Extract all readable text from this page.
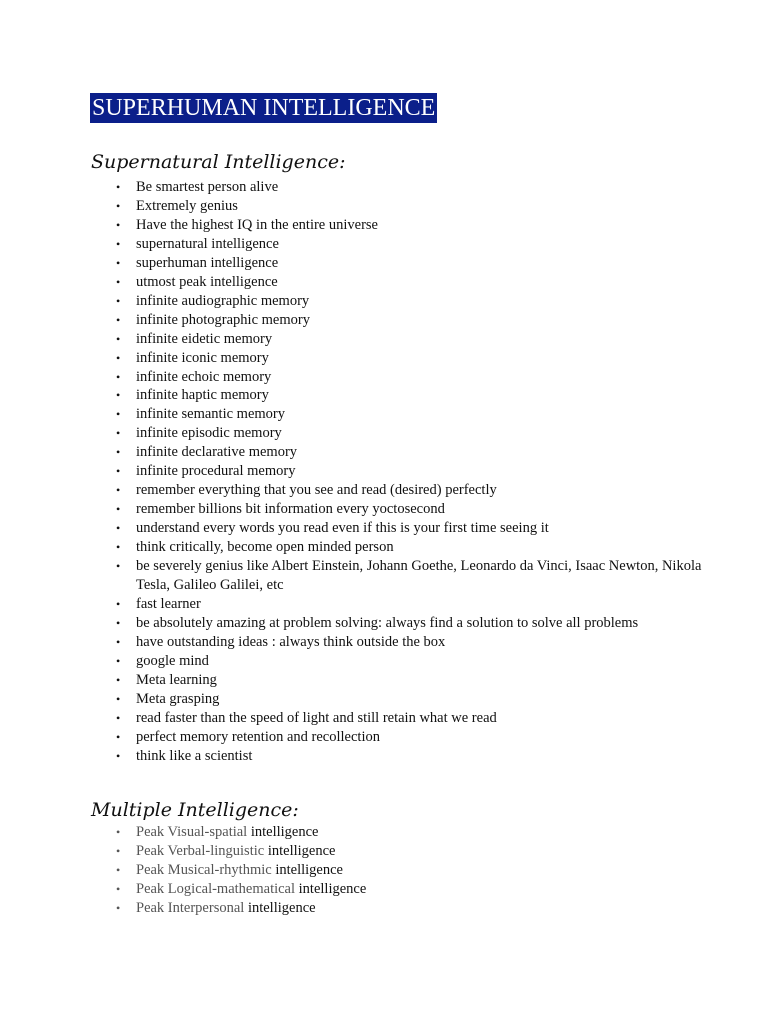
SUPERHUMAN INTELLIGENCE
Supernatural Intelligence:
• Be smartest person alive
• Extremely genius
• Have the highest IQ in the entire universe
• supernatural intelligence
• superhuman intelligence
• utmost peak intelligence
• infinite audiographic memory
• infinite photographic memory
• infinite eidetic memory
• infinite iconic memory
• infinite echoic memory
• infinite haptic memory
• infinite semantic memory
• infinite episodic memory
• infinite declarative memory
• infinite procedural memory
• remember everything that you see and read (desired) perfectly
• remember billions bit information every yoctosecond
• understand every words you read even if this is your first time seeing it
• think critically, become open minded person
• be severely genius like Albert Einstein, Johann Goethe, Leonardo da Vinci, Isaac Newton, Nikola Tesla, Galileo Galilei, etc
• fast learner
• be absolutely amazing at problem solving: always find a solution to solve all problems
• have outstanding ideas : always think outside the box
• google mind
• Meta learning
• Meta grasping
• read faster than the speed of light and still retain what we read
• perfect memory retention and recollection
• think like a scientist
Multiple Intelligence:
• Peak Visual-spatial intelligence
• Peak Verbal-linguistic intelligence
• Peak Musical-rhythmic intelligence
• Peak Logical-mathematical intelligence
• Peak Interpersonal intelligence
